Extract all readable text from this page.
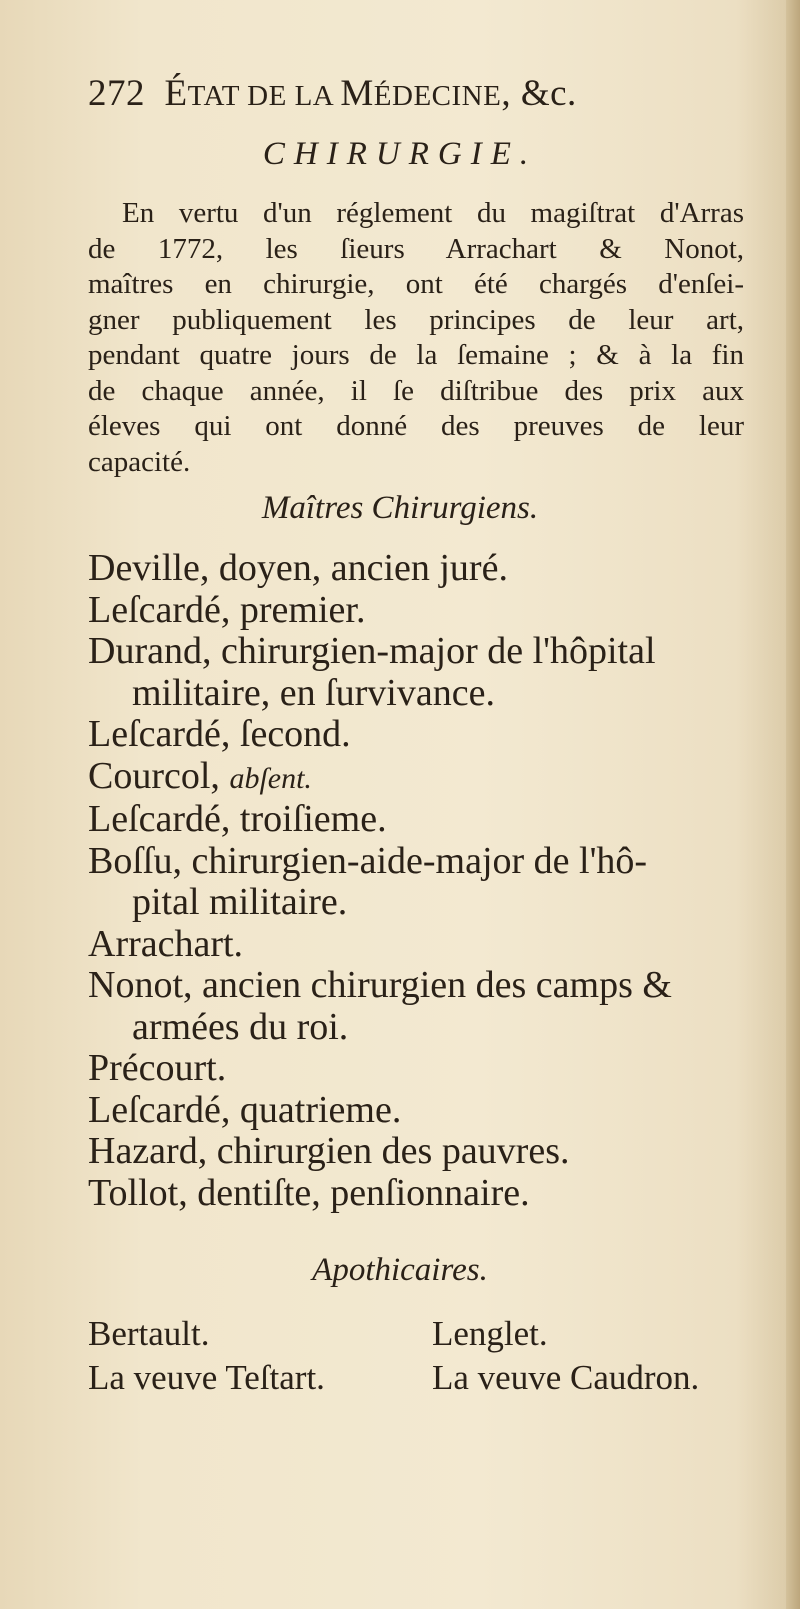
272 ÉTAT DE LA MÉDECINE, &c.
CHIRURGIE.
En vertu d'un réglement du magiſtrat d'Arras
de 1772, les ſieurs Arrachart & Nonot,
maîtres en chirurgie, ont été chargés d'enſei-
gner publiquement les principes de leur art,
pendant quatre jours de la ſemaine ; & à la fin
de chaque année, il ſe diſtribue des prix aux
éleves qui ont donné des preuves de leur
capacité.
Maîtres Chirurgiens.
Deville, doyen, ancien juré.
Leſcardé, premier.
Durand, chirurgien-major de l'hôpital
militaire, en ſurvivance.
Leſcardé, ſecond.
Courcol, abſent.
Leſcardé, troiſieme.
Boſſu, chirurgien-aide-major de l'hô-
pital militaire.
Arrachart.
Nonot, ancien chirurgien des camps &
armées du roi.
Précourt.
Leſcardé, quatrieme.
Hazard, chirurgien des pauvres.
Tollot, dentiſte, penſionnaire.
Apothicaires.
Bertault.	Lenglet.
La veuve Teſtart.	La veuve Caudron.
